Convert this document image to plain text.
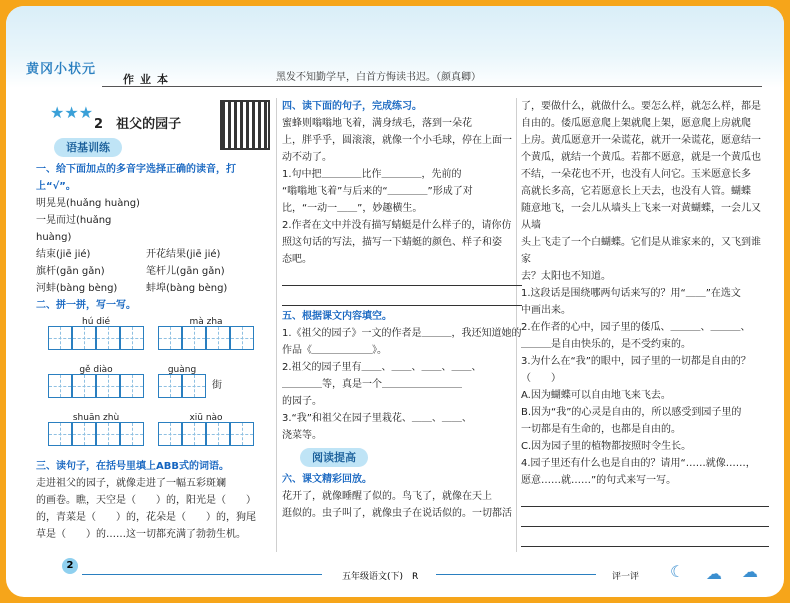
黄冈小状元
作业本	黑发不知勤学早，白首方悔读书迟。（颜真卿）
★★★
2　 祖父的园子
语基训练
一、给下面加点的多音字选择正确的读音，打上“√”。
明晃晃(huǎng huàng)
一晃而过(huǎng huàng)
结束(jiē jié)	开花结果(jiē jié)
旗杆(gān gǎn)	笔杆儿(gān gǎn)
河蚌(bàng bèng)	蚌埠(bàng bèng)
二、拼一拼，写一写。
hú dié	mà zha
gě diào	guàng
街
shuān zhù	xiū nào
三、读句子，在括号里填上ABB式的词语。
走进祖父的园子，就像走进了一幅五彩斑斓
的画卷。瞧，天空是（　　）的，阳光是（　　）
的，青菜是（　　）的，花朵是（　　）的，狗尾
草是（　　）的……这一切都充满了勃勃生机。
四、读下面的句子，完成练习。
蜜蜂则嗡嗡地飞着，满身绒毛，落到一朵花
上，胖乎乎，圆滚滚，就像一个小毛球，停在上面一
动不动了。
1.句中把＿＿＿＿比作＿＿＿＿，先前的
“嗡嗡地飞着”与后来的“＿＿＿＿”形成了对
比，“一动一＿＿”，妙趣横生。
2.作者在文中并没有描写蜻蜓是什么样子的，请你仿
照这句话的写法，描写一下蜻蜓的颜色、样子和姿
态吧。
五、根据课文内容填空。
1.《祖父的园子》一文的作者是＿＿＿，我还知道她的
作品《＿＿＿＿＿＿》。
2.祖父的园子里有＿＿、＿＿、＿＿、＿＿、
＿＿＿＿等，真是一个＿＿＿＿＿＿＿＿
的园子。
3.“我”和祖父在园子里栽花、＿＿、＿＿、
浇菜等。
阅读提高
六、课文精彩回放。
花开了，就像睡醒了似的。鸟飞了，就像在天上
逛似的。虫子叫了，就像虫子在说话似的。一切都活
了，要做什么，就做什么。要怎么样，就怎么样，都是
自由的。倭瓜愿意爬上架就爬上架，愿意爬上房就爬
上房。黄瓜愿意开一朵谎花，就开一朵谎花，愿意结一
个黄瓜，就结一个黄瓜。若都不愿意，就是一个黄瓜也
不结，一朵花也不开，也没有人问它。玉米愿意长多
高就长多高，它若愿意长上天去，也没有人管。蝴蝶
随意地飞，一会儿从墙头上飞来一对黄蝴蝶，一会儿又从墙
头上飞走了一个白蝴蝶。它们是从谁家来的，又飞到谁家
去？太阳也不知道。
1.这段话是围绕哪两句话来写的？用“＿＿”在选文
中画出来。
2.在作者的心中，园子里的倭瓜、＿＿＿、＿＿＿、
＿＿＿是自由快乐的，是不受约束的。
3.为什么在“我”的眼中，园子里的一切都是自由的？
（　　）
A.因为蝴蝶可以自由地飞来飞去。
B.因为“我”的心灵是自由的，所以感受到园子里的
一切都是有生命的，也都是自由的。
C.因为园子里的植物都按照时令生长。
4.园子里还有什么也是自由的？请用“……就像……，
愿意……就……”的句式来写一写。
2
五年级语文(下)　R	评一评 ☾ ☁ ☁
